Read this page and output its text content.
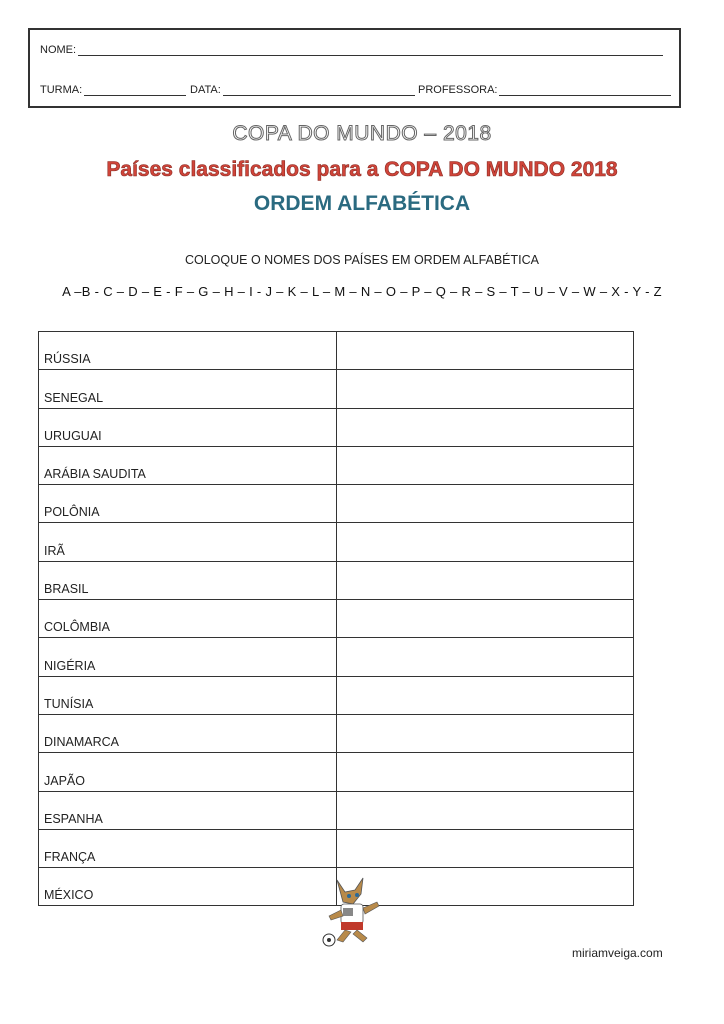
NOME:
TURMA:	DATA:	PROFESSORA:
COPA DO MUNDO – 2018
Países classificados para a COPA DO MUNDO 2018
ORDEM ALFABÉTICA
COLOQUE O NOMES DOS PAÍSES EM ORDEM ALFABÉTICA
A –B - C – D – E - F – G – H – I - J – K – L – M – N – O – P – Q – R – S – T – U – V – W – X - Y - Z
RÚSSIA	
SENEGAL	
URUGUAI	
ARÁBIA SAUDITA	
POLÔNIA	
IRÃ	
BRASIL	
COLÔMBIA	
NIGÉRIA	
TUNÍSIA	
DINAMARCA	
JAPÃO	
ESPANHA	
FRANÇA	
MÉXICO	
miriamveiga.com
